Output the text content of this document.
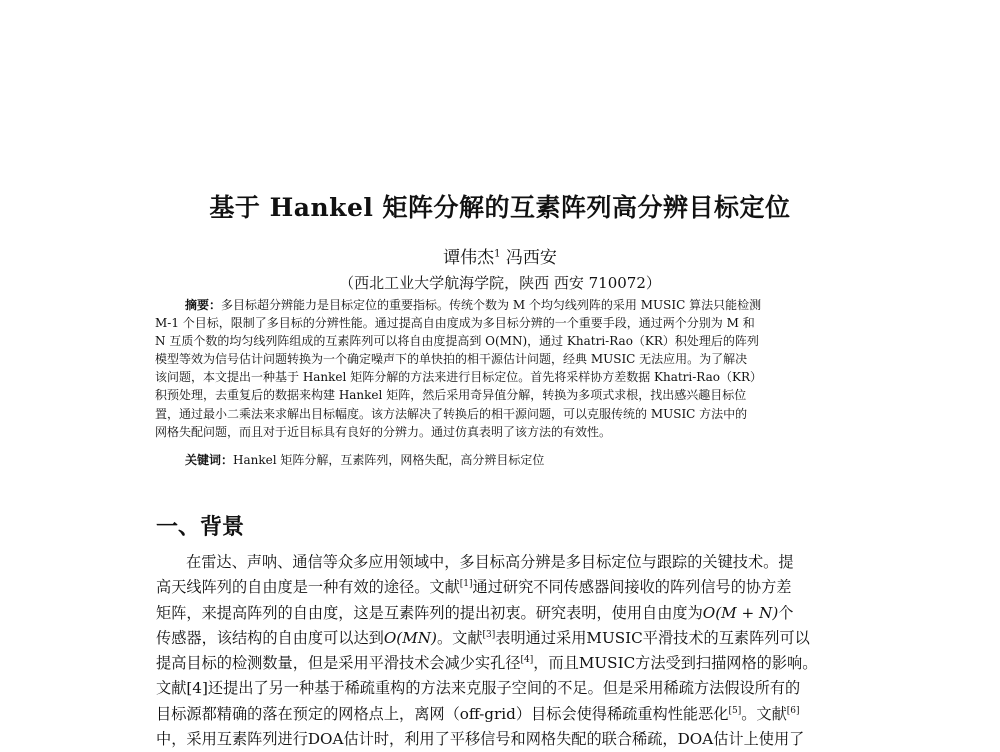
基于 Hankel 矩阵分解的互素阵列高分辨目标定位
谭伟杰$^1$ 冯西安
（西北工业大学航海学院，陕西 西安 710072）
摘要：多目标超分辨能力是目标定位的重要指标。传统个数为 M 个均匀线列阵的采用 MUSIC 算法只能检测
M-1 个目标，限制了多目标的分辨性能。通过提高自由度成为多目标分辨的一个重要手段，通过两个分别为 M 和
N 互质个数的均匀线列阵组成的互素阵列可以将自由度提高到 O(MN)，通过 Khatri-Rao（KR）积处理后的阵列
模型等效为信号估计问题转换为一个确定噪声下的单快拍的相干源估计问题，经典 MUSIC 无法应用。为了解决
该问题，本文提出一种基于 Hankel 矩阵分解的方法来进行目标定位。首先将采样协方差数据 Khatri-Rao（KR）
积预处理，去重复后的数据来构建 Hankel 矩阵，然后采用奇异值分解，转换为多项式求根，找出感兴趣目标位
置，通过最小二乘法来求解出目标幅度。该方法解决了转换后的相干源问题，可以克服传统的 MUSIC 方法中的
网格失配问题，而且对于近目标具有良好的分辨力。通过仿真表明了该方法的有效性。
关键词：Hankel 矩阵分解，互素阵列，网格失配，高分辨目标定位
一、背景
在雷达、声呐、通信等众多应用领域中，多目标高分辨是多目标定位与跟踪的关键技术。提
高天线阵列的自由度是一种有效的途径。文献[1]通过研究不同传感器间接收的阵列信号的协方差
矩阵，来提高阵列的自由度，这是互素阵列的提出初衷。研究表明，使用自由度为O(M + N)个
传感器，该结构的自由度可以达到O(MN)。文献[3]表明通过采用MUSIC平滑技术的互素阵列可以
提高目标的检测数量，但是采用平滑技术会减少实孔径[4]，而且MUSIC方法受到扫描网格的影响。
文献[4]还提出了另一种基于稀疏重构的方法来克服子空间的不足。但是采用稀疏方法假设所有的
目标源都精确的落在预定的网格点上，离网（off-grid）目标会使得稀疏重构性能恶化[5]。文献[6]
中，采用互素阵列进行DOA估计时，利用了平移信号和网格失配的联合稀疏，DOA估计上使用了
